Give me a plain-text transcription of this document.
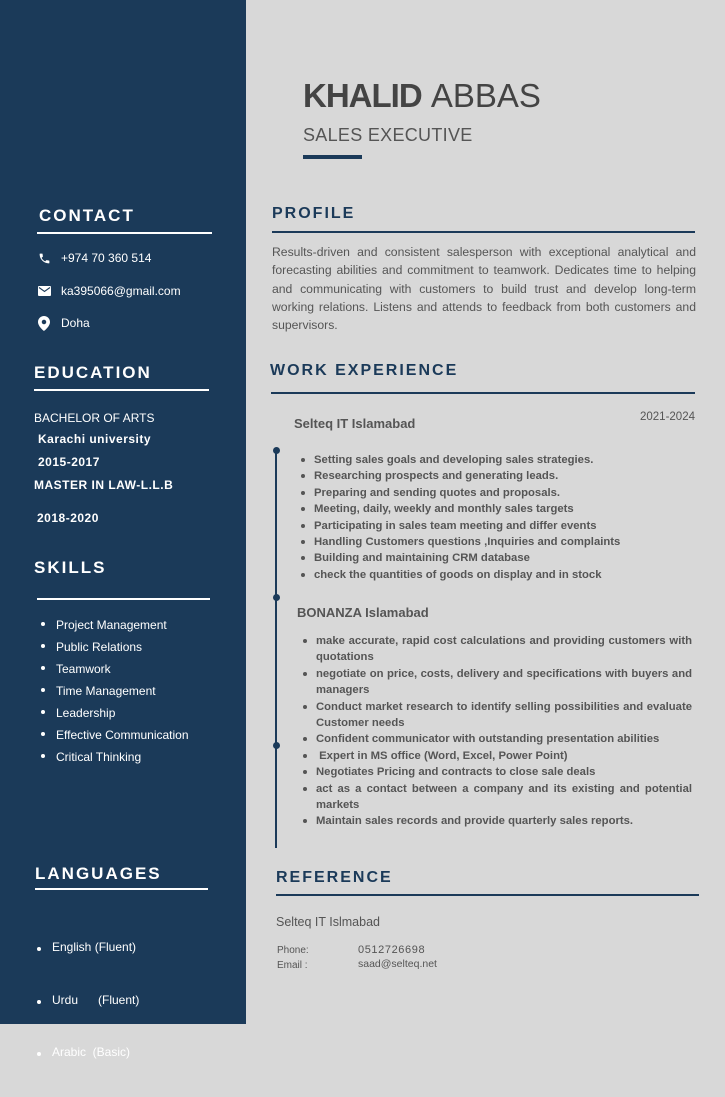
CONTACT
+974 70 360 514
ka395066@gmail.com
Doha
EDUCATION
BACHELOR OF ARTS
Karachi university
2015-2017
MASTER IN LAW-L.L.B
2018-2020
SKILLS
Project Management
Public Relations
Teamwork
Time Management
Leadership
Effective Communication
Critical Thinking
LANGUAGES

English (Fluent)

Urdu      (Fluent)

Arabic  (Basic)

KHALID ABBAS
SALES EXECUTIVE
PROFILE

Results-driven and consistent salesperson with exceptional analytical and forecasting abilities and commitment to teamwork. Dedicates time to helping and communicating with customers to build trust and develop long-term working relations. Listens and attends to feedback from both customers and supervisors.

WORK EXPERIENCE
Selteq IT Islamabad	2021-2024
Setting sales goals and developing sales strategies.
Researching prospects and generating leads.
Preparing and sending quotes and proposals.
Meeting, daily, weekly and monthly sales targets
Participating in sales team meeting and differ events
Handling Customers questions ,Inquiries and complaints
Building and maintaining CRM database
check the quantities of goods on display and in stock
BONANZA Islamabad
make accurate, rapid cost calculations and providing customers with quotations
negotiate on price, costs, delivery and specifications with buyers and managers
Conduct market research to identify selling possibilities and evaluate Customer needs
Confident communicator with outstanding presentation abilities
Expert in MS office (Word, Excel, Power Point)
Negotiates Pricing and contracts to close sale deals
act as a contact between a company and its existing and potential markets
Maintain sales records and provide quarterly sales reports.
REFERENCE
Selteq IT Islmabad
Phone:	0512726698
Email :	saad@selteq.net
